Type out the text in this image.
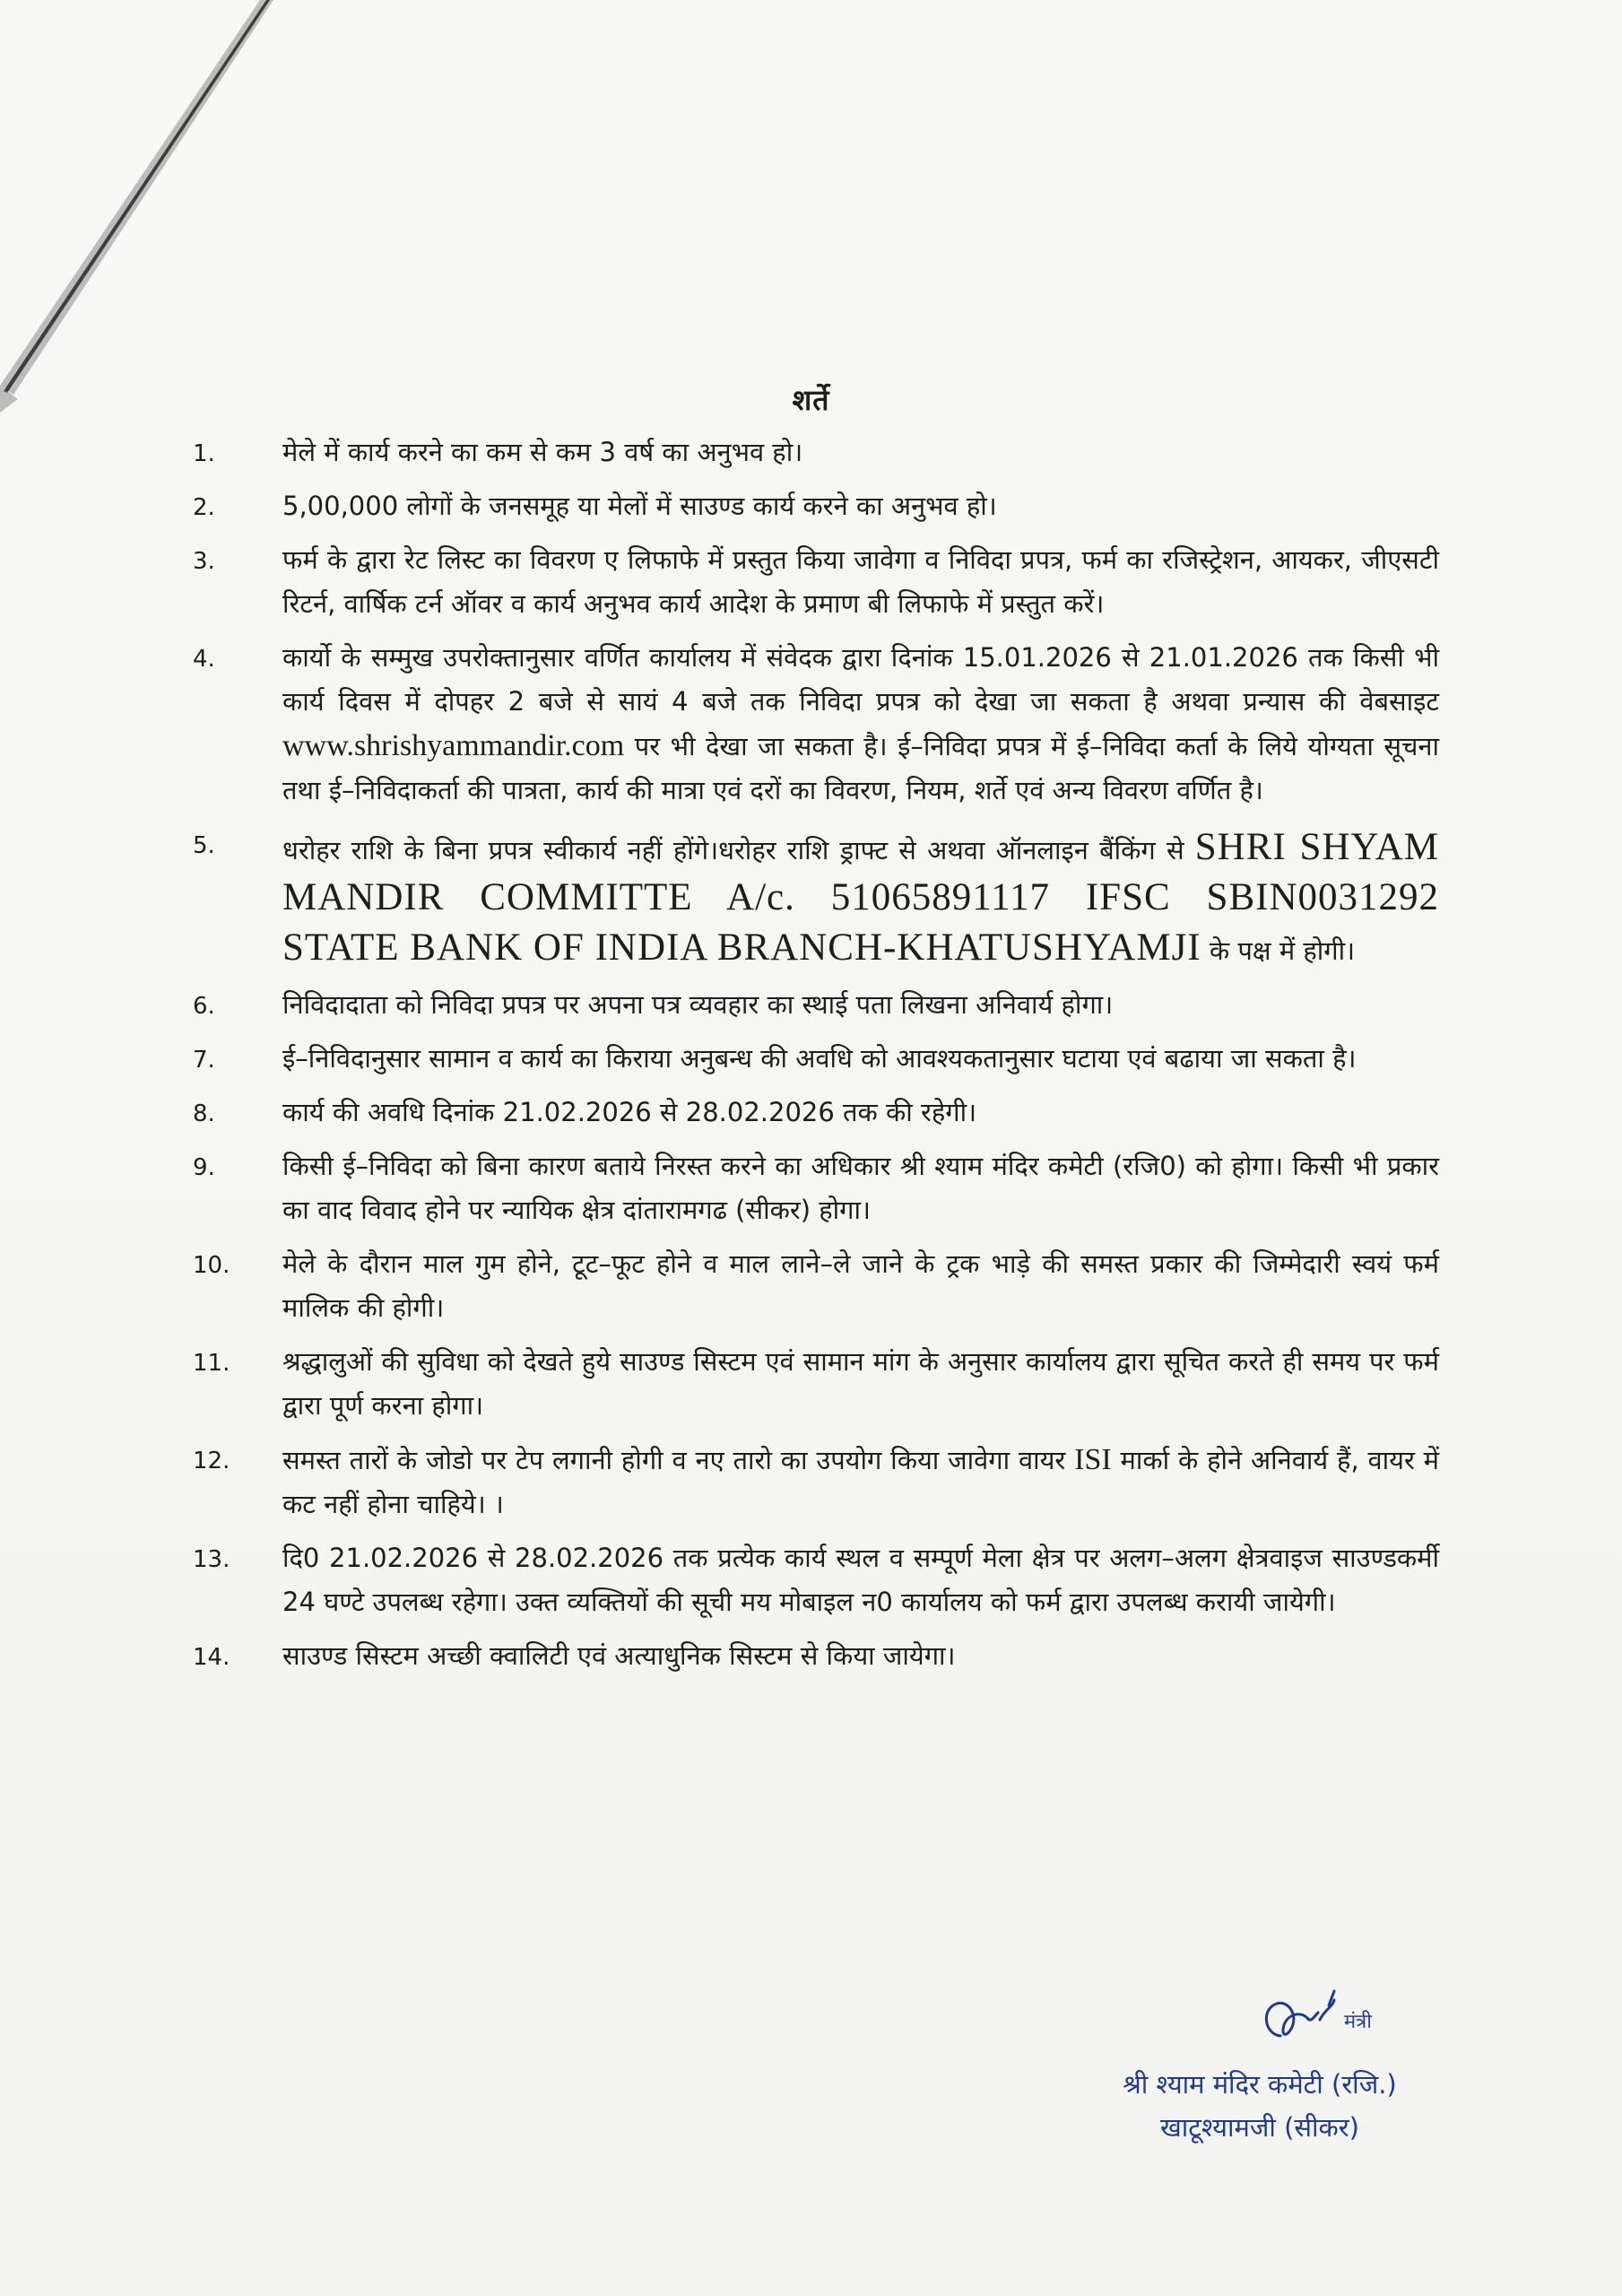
शर्ते
1.	मेले में कार्य करने का कम से कम 3 वर्ष का अनुभव हो।
2.	5,00,000 लोगों के जनसमूह या मेलों में साउण्ड कार्य करने का अनुभव हो।
3.	फर्म के द्वारा रेट लिस्ट का विवरण ए लिफाफे में प्रस्तुत किया जावेगा व निविदा प्रपत्र, फर्म का रजिस्ट्रेशन, आयकर, जीएसटी रिटर्न, वार्षिक टर्न ऑवर व कार्य अनुभव कार्य आदेश के प्रमाण बी लिफाफे में प्रस्तुत करें।
4.	कार्यो के सम्मुख उपरोक्तानुसार वर्णित कार्यालय में संवेदक द्वारा दिनांक 15.01.2026 से 21.01.2026 तक किसी भी कार्य दिवस में दोपहर 2 बजे से सायं 4 बजे तक निविदा प्रपत्र को देखा जा सकता है अथवा प्रन्यास की वेबसाइट www.shrishyammandir.com पर भी देखा जा सकता है। ई–निविदा प्रपत्र में ई–निविदा कर्ता के लिये योग्यता सूचना तथा ई–निविदाकर्ता की पात्रता, कार्य की मात्रा एवं दरों का विवरण, नियम, शर्ते एवं अन्य विवरण वर्णित है।
5.	धरोहर राशि के बिना प्रपत्र स्वीकार्य नहीं होंगे।धरोहर राशि ड्राफ्ट से अथवा ऑनलाइन बैंकिंग से SHRI SHYAM MANDIR COMMITTE A/c. 51065891117 IFSC SBIN0031292 STATE BANK OF INDIA BRANCH-KHATUSHYAMJI के पक्ष में होगी।
6.	निविदादाता को निविदा प्रपत्र पर अपना पत्र व्यवहार का स्थाई पता लिखना अनिवार्य होगा।
7.	ई–निविदानुसार सामान व कार्य का किराया अनुबन्ध की अवधि को आवश्यकतानुसार घटाया एवं बढाया जा सकता है।
8.	कार्य की अवधि दिनांक 21.02.2026 से 28.02.2026 तक की रहेगी।
9.	किसी ई–निविदा को बिना कारण बताये निरस्त करने का अधिकार श्री श्याम मंदिर कमेटी (रजि0) को होगा। किसी भी प्रकार का वाद विवाद होने पर न्यायिक क्षेत्र दांतारामगढ (सीकर) होगा।
10.	मेले के दौरान माल गुम होने, टूट–फूट होने व माल लाने–ले जाने के ट्रक भाड़े की समस्त प्रकार की जिम्मेदारी स्वयं फर्म मालिक की होगी।
11.	श्रद्धालुओं की सुविधा को देखते हुये साउण्ड सिस्टम एवं सामान मांग के अनुसार कार्यालय द्वारा सूचित करते ही समय पर फर्म द्वारा पूर्ण करना होगा।
12.	समस्त तारों के जोडो पर टेप लगानी होगी व नए तारो का उपयोग किया जावेगा वायर ISI मार्का के होने अनिवार्य हैं, वायर में कट नहीं होना चाहिये। ।
13.	दि0 21.02.2026 से 28.02.2026 तक प्रत्येक कार्य स्थल व सम्पूर्ण मेला क्षेत्र पर अलग–अलग क्षेत्रवाइज साउण्डकर्मी 24 घण्टे उपलब्ध रहेगा। उक्त व्यक्तियों की सूची मय मोबाइल न0 कार्यालय को फर्म द्वारा उपलब्ध करायी जायेगी।
14.	साउण्ड सिस्टम अच्छी क्वालिटी एवं अत्याधुनिक सिस्टम से किया जायेगा।
मंत्री
श्री श्याम मंदिर कमेटी (रजि.)
खाटूश्यामजी (सीकर)
